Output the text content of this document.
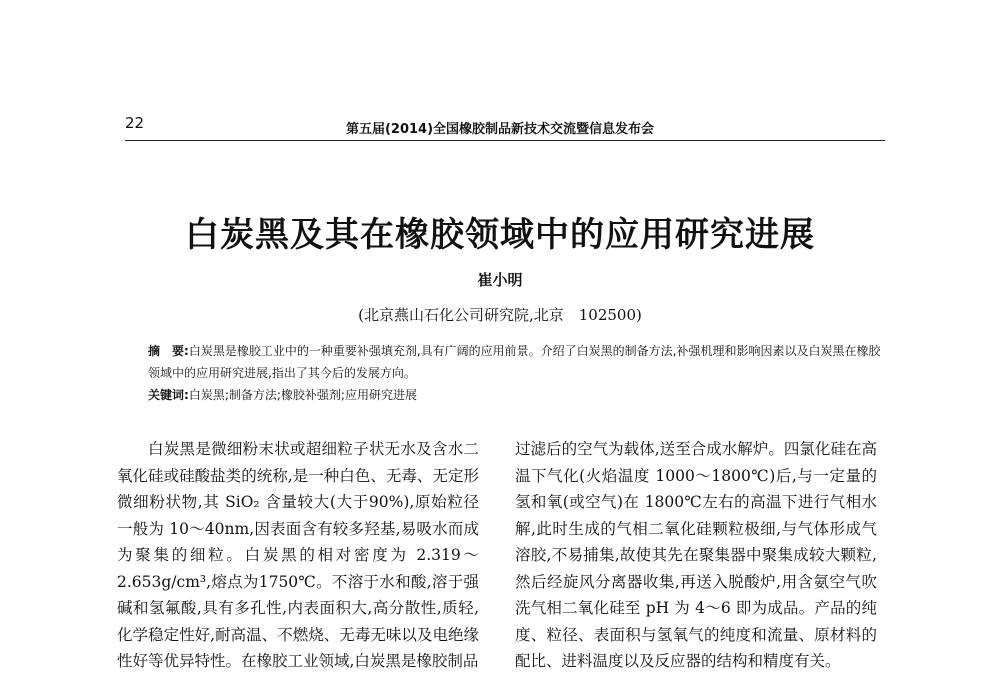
22	第五届(2014)全国橡胶制品新技术交流暨信息发布会
白炭黑及其在橡胶领域中的应用研究进展
崔小明
(北京燕山石化公司研究院,北京　102500)

摘　要:白炭黑是橡胶工业中的一种重要补强填充剂,具有广阔的应用前景。介绍了白炭黑的制备方法,补强机理和影响因素以及白炭黑在橡胶领域中的应用研究进展,指出了其今后的发展方向。

关键词:白炭黑;制备方法;橡胶补强剂;应用研究进展

白炭黑是微细粉末状或超细粒子状无水及含水二氧化硅或硅酸盐类的统称,是一种白色、无毒、无定形微细粉状物,其 SiO₂ 含量较大(大于90%),原始粒径一般为 10～40nm,因表面含有较多羟基,易吸水而成为聚集的细粒。白炭黑的相对密度为 2.319～2.653g/cm³,熔点为1750℃。不溶于水和酸,溶于强碱和氢氟酸,具有多孔性,内表面积大,高分散性,质轻,化学稳定性好,耐高温、不燃烧、无毒无味以及电绝缘性好等优异特性。在橡胶工业领域,白炭黑是橡胶制品

过滤后的空气为载体,送至合成水解炉。四氯化硅在高温下气化(火焰温度 1000～1800℃)后,与一定量的氢和氧(或空气)在 1800℃左右的高温下进行气相水解,此时生成的气相二氧化硅颗粒极细,与气体形成气溶胶,不易捕集,故使其先在聚集器中聚集成较大颗粒,然后经旋风分离器收集,再送入脱酸炉,用含氨空气吹洗气相二氧化硅至 pH 为 4～6 即为成品。产品的纯度、粒径、表面积与氢氧气的纯度和流量、原材料的配比、进料温度以及反应器的结构和精度有关。
